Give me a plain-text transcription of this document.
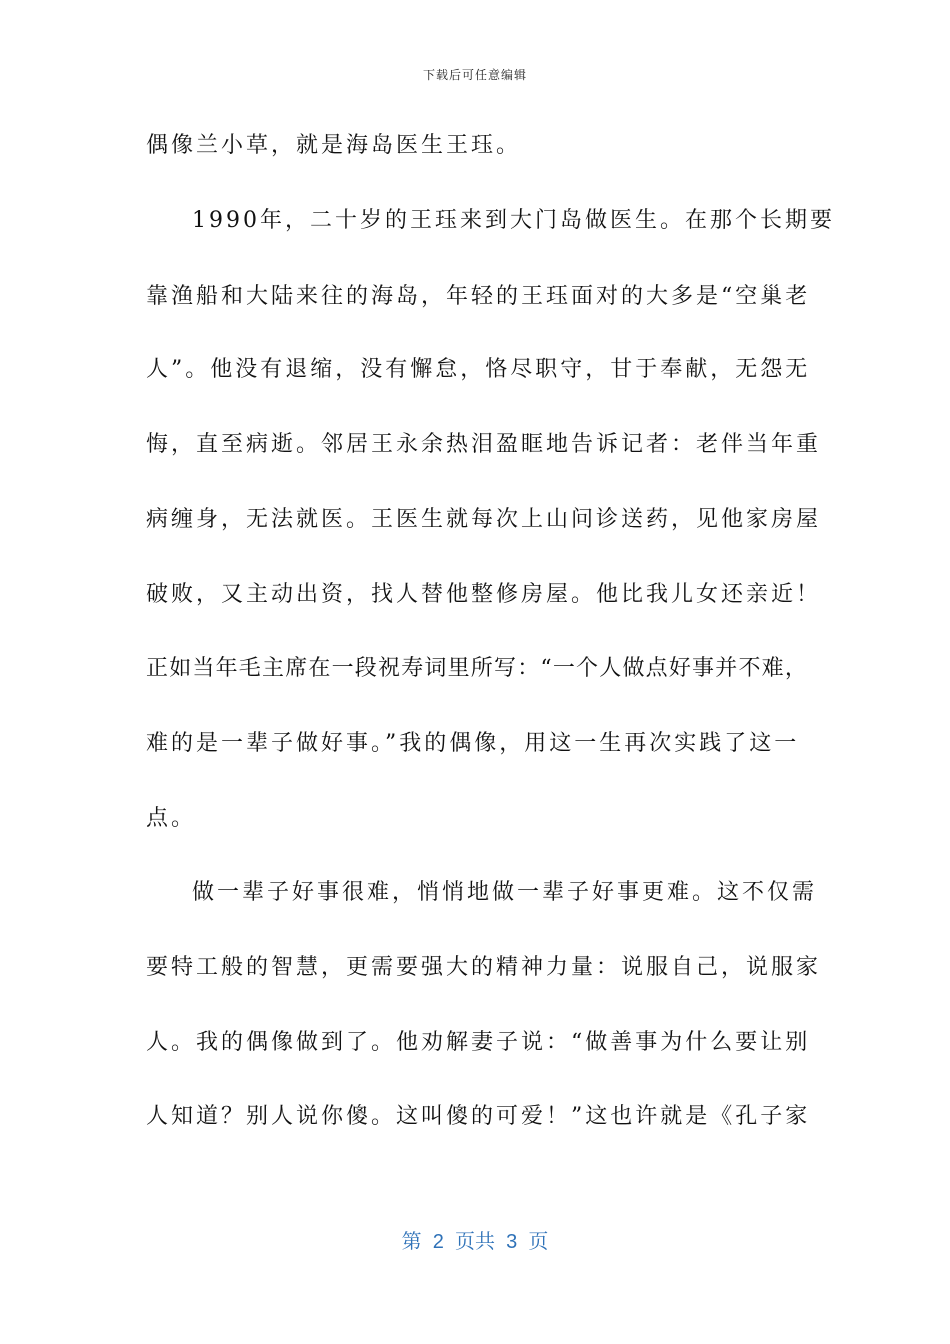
下载后可任意编辑
偶像兰小草，就是海岛医生王珏。
1990年，二十岁的王珏来到大门岛做医生。在那个长期要
靠渔船和大陆来往的海岛，年轻的王珏面对的大多是“空巢老
人”。他没有退缩，没有懈怠，恪尽职守，甘于奉献，无怨无
悔，直至病逝。邻居王永余热泪盈眶地告诉记者：老伴当年重
病缠身，无法就医。王医生就每次上山问诊送药，见他家房屋
破败，又主动出资，找人替他整修房屋。他比我儿女还亲近！
正如当年毛主席在一段祝寿词里所写：“一个人做点好事并不难，
难的是一辈子做好事。”我的偶像，用这一生再次实践了这一
点。
做一辈子好事很难，悄悄地做一辈子好事更难。这不仅需
要特工般的智慧，更需要强大的精神力量：说服自己，说服家
人。我的偶像做到了。他劝解妻子说：“做善事为什么要让别
人知道？别人说你傻。这叫傻的可爱！”这也许就是《孔子家
第  2  页共  3  页
